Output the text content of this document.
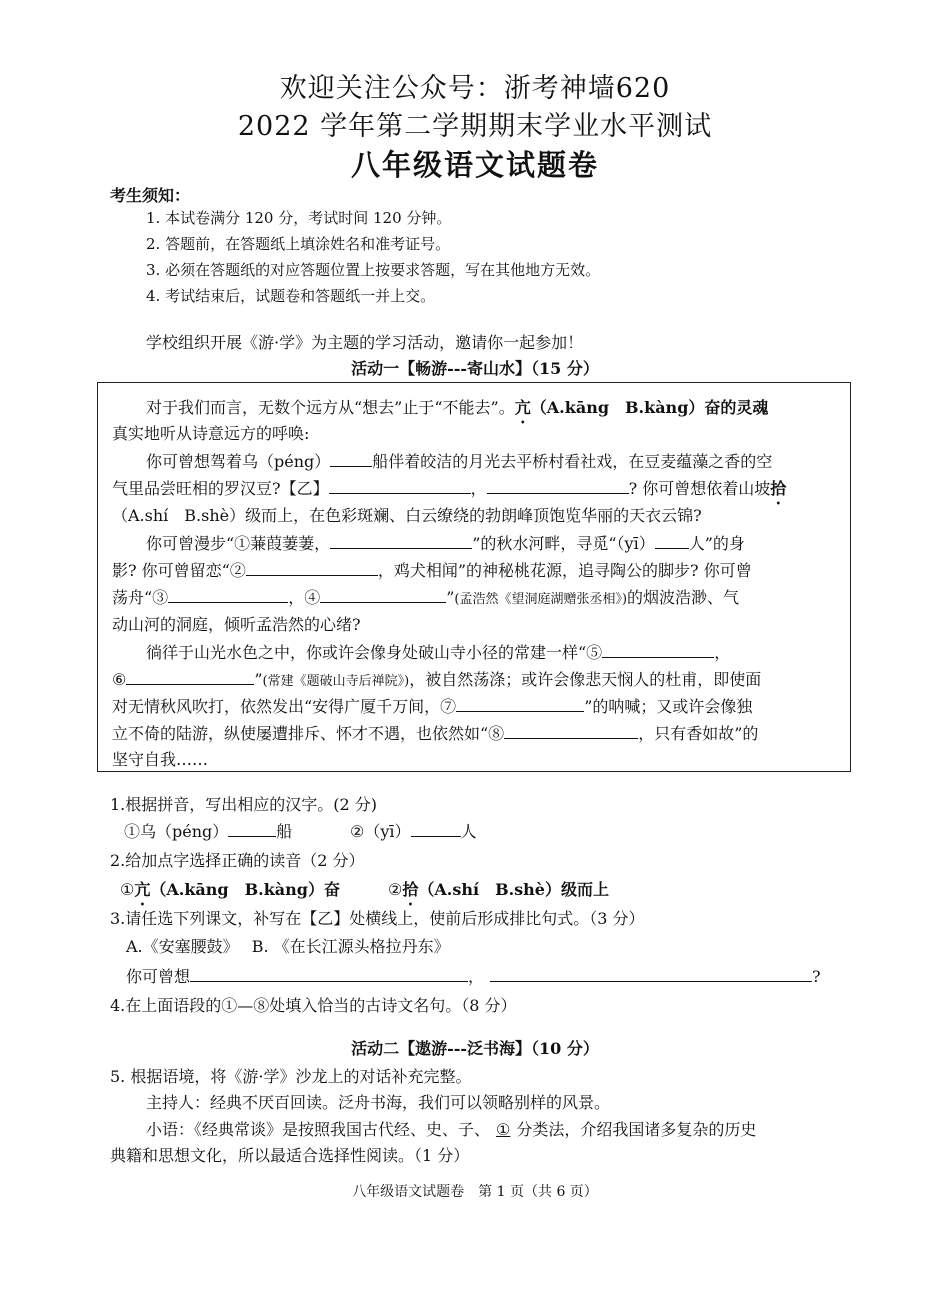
欢迎关注公众号：浙考神墙620
2022 学年第二学期期末学业水平测试
八年级语文试题卷
考生须知：
1. 本试卷满分 120 分，考试时间 120 分钟。
2. 答题前，在答题纸上填涂姓名和准考证号。
3. 必须在答题纸的对应答题位置上按要求答题，写在其他地方无效。
4. 考试结束后，试题卷和答题纸一并上交。
学校组织开展《游·学》为主题的学习活动，邀请你一起参加！
活动一【畅游---寄山水】（15 分）
对于我们而言，无数个远方从“想去”止于“不能去”。亢（A.kāng　B.kàng）奋的灵魂
真实地听从诗意远方的呼唤:
你可曾想驾着乌（péng）	船伴着皎洁的月光去平桥村看社戏，在豆麦蕴藻之香的空
气里品尝旺相的罗汉豆?【乙】	，	? 你可曾想依着山坡拾
（A.shí　B.shè）级而上，在色彩斑斓、白云缭绕的勃朗峰顶饱览华丽的天衣云锦?
你可曾漫步“①蒹葭萋萋，	”的秋水河畔，寻觅“（yī） 人”的身
影? 你可曾留恋“②	，鸡犬相闻”的神秘桃花源，追寻陶公的脚步? 你可曾
荡舟“③	，④	”(孟浩然《望洞庭湖赠张丞相》)的烟波浩渺、气
动山河的洞庭，倾听孟浩然的心绪?
徜徉于山光水色之中，你或许会像身处破山寺小径的常建一样“⑤	，
⑥	”(常建《题破山寺后禅院》)，被自然荡涤；或许会像悲天悯人的杜甫，即使面
对无情秋风吹打，依然发出“安得广厦千万间，⑦	”的呐喊；又或许会像独
立不倚的陆游，纵使屡遭排斥、怀才不遇，也依然如“⑧	，只有香如故”的
坚守自我……
1.根据拼音，写出相应的汉字。(2 分)
①乌（péng）	船	②（yī）	人
2.给加点字选择正确的读音（2 分）
①亢（A.kāng　B.kàng）奋	②拾（A.shí　B.shè）级而上
3.请任选下列课文，补写在【乙】处横线上，使前后形成排比句式。（3 分）
A.《安塞腰鼓》　 B. 《在长江源头格拉丹东》
你可曾想	，	?
4.在上面语段的①—⑧处填入恰当的古诗文名句。（8 分）
活动二【遨游---泛书海】（10 分）
5. 根据语境，将《游·学》沙龙上的对话补充完整。
主持人：经典不厌百回读。泛舟书海，我们可以领略别样的风景。
小语：《经典常谈》是按照我国古代经、史、子、 ① 分类法，介绍我国诸多复杂的历史
典籍和思想文化，所以最适合选择性阅读。（1 分）
八年级语文试题卷　第 1 页（共 6 页）
